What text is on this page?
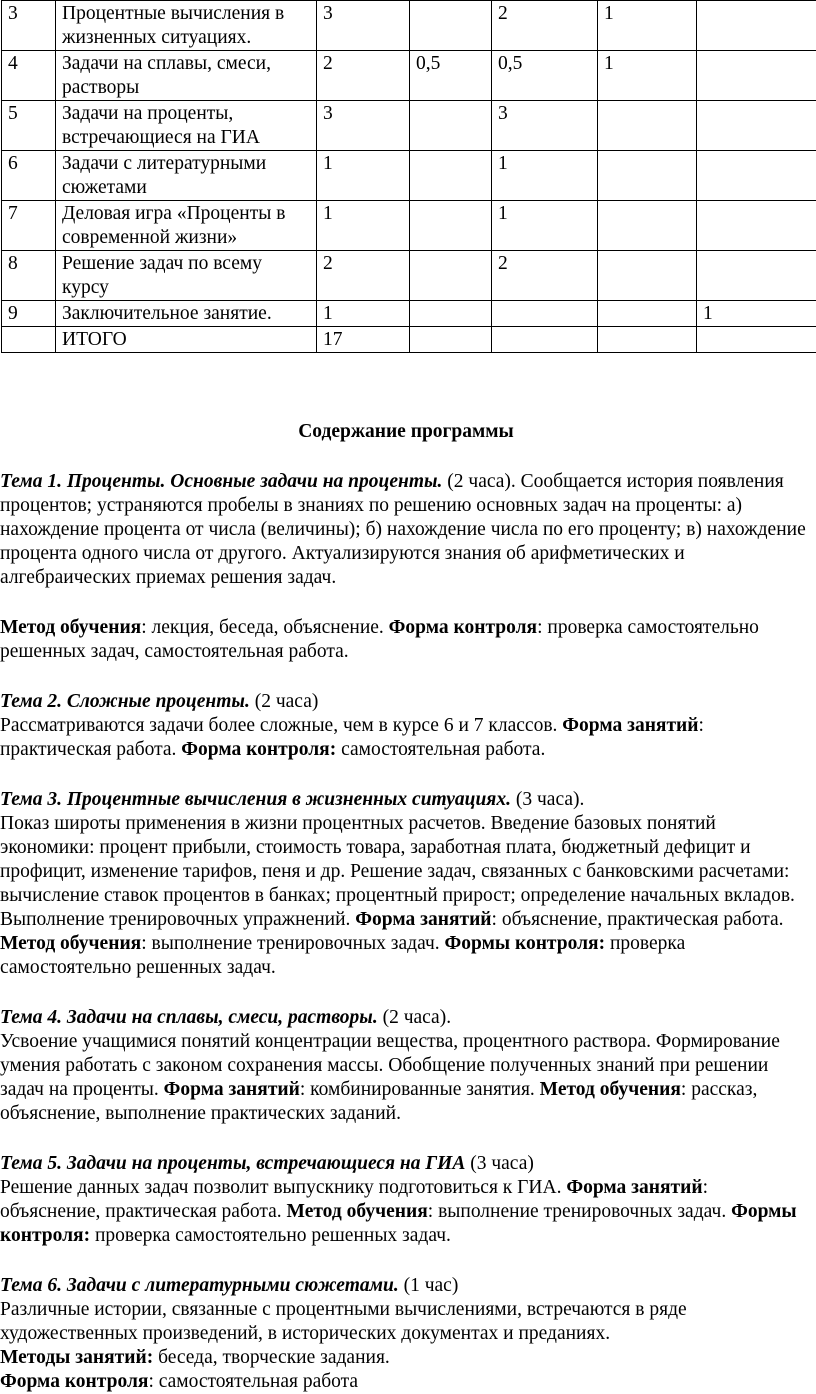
3	Процентные вычисления в жизненных ситуациях.	3		2	1	
4	Задачи на сплавы, смеси, растворы	2	0,5	0,5	1	
5	Задачи на проценты, встречающиеся на ГИА	3		3		
6	Задачи с литературными сюжетами	1		1		
7	Деловая игра «Проценты в современной жизни»	1		1		
8	Решение задач по всему курсу	2		2		
9	Заключительное занятие.	1				1
	ИТОГО	17				
Содержание программы
Тема 1. Проценты. Основные задачи на проценты. (2 часа). Сообщается история появления процентов; устраняются пробелы в знаниях по решению основных задач на проценты: а) нахождение процента от числа (величины); б) нахождение числа по его проценту; в) нахождение процента одного числа от другого. Актуализируются знания об арифметических и алгебраических приемах решения задач.
Метод обучения: лекция, беседа, объяснение. Форма контроля: проверка самостоятельно решенных задач, самостоятельная работа.
Тема 2. Сложные проценты. (2 часа)
Рассматриваются задачи более сложные, чем в курсе 6 и 7 классов. Форма занятий: практическая работа. Форма контроля: самостоятельная работа.
Тема 3. Процентные вычисления в жизненных ситуациях. (3 часа).
Показ широты применения в жизни процентных расчетов. Введение базовых понятий экономики: процент прибыли, стоимость товара, заработная плата, бюджетный дефицит и профицит, изменение тарифов, пеня и др. Решение задач, связанных с банковскими расчетами: вычисление ставок процентов в банках; процентный прирост; определение начальных вкладов. Выполнение тренировочных упражнений. Форма занятий: объяснение, практическая работа. Метод обучения: выполнение тренировочных задач. Формы контроля: проверка самостоятельно решенных задач.
Тема 4. Задачи на сплавы, смеси, растворы. (2 часа).
Усвоение учащимися понятий концентрации вещества, процентного раствора. Формирование умения работать с законом сохранения массы. Обобщение полученных знаний при решении задач на проценты. Форма занятий: комбинированные занятия. Метод обучения: рассказ, объяснение, выполнение практических заданий.
Тема 5. Задачи на проценты, встречающиеся на ГИА (3 часа)
Решение данных задач позволит выпускнику подготовиться к ГИА. Форма занятий: объяснение, практическая работа. Метод обучения: выполнение тренировочных задач. Формы контроля: проверка самостоятельно решенных задач.
Тема 6. Задачи с литературными сюжетами. (1 час)
Различные истории, связанные с процентными вычислениями, встречаются в ряде художественных произведений, в исторических документах и преданиях.
Методы занятий: беседа, творческие задания.
Форма контроля: самостоятельная работа
